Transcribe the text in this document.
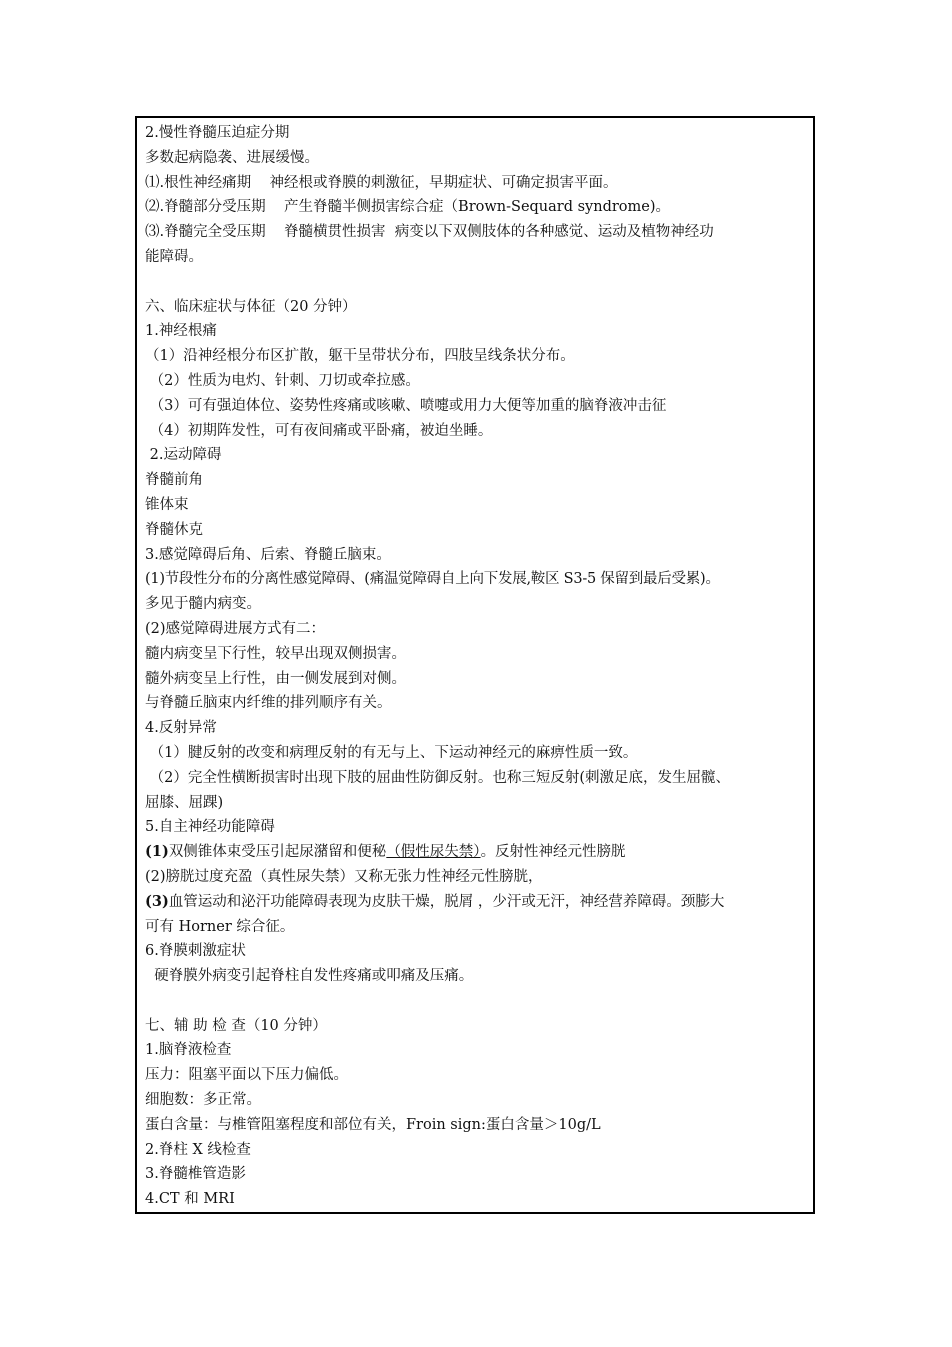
2.慢性脊髓压迫症分期
多数起病隐袭、进展缓慢。
⑴.根性神经痛期    神经根或脊膜的刺激征，早期症状、可确定损害平面。
⑵.脊髓部分受压期    产生脊髓半侧损害综合症（Brown-Sequard syndrome)。
⑶.脊髓完全受压期    脊髓横贯性损害  病变以下双侧肢体的各种感觉、运动及植物神经功
能障碍。
六、临床症状与体征（20 分钟）
1.神经根痛
（1）沿神经根分布区扩散，躯干呈带状分布，四肢呈线条状分布。
（2）性质为电灼、针刺、刀切或牵拉感。
（3）可有强迫体位、姿势性疼痛或咳嗽、喷嚏或用力大便等加重的脑脊液冲击征
（4）初期阵发性，可有夜间痛或平卧痛，被迫坐睡。
2.运动障碍
脊髓前角
锥体束
脊髓休克
3.感觉障碍后角、后索、脊髓丘脑束。
(1)节段性分布的分离性感觉障碍、(痛温觉障碍自上向下发展,鞍区 S3-5 保留到最后受累)。
多见于髓内病变。
(2)感觉障碍进展方式有二：
髓内病变呈下行性，较早出现双侧损害。
髓外病变呈上行性，由一侧发展到对侧。
与脊髓丘脑束内纤维的排列顺序有关。
4.反射异常
（1）腱反射的改变和病理反射的有无与上、下运动神经元的麻痹性质一致。
（2）完全性横断损害时出现下肢的屈曲性防御反射。也称三短反射(刺激足底，发生屈髋、
屈膝、屈踝)
5.自主神经功能障碍
(1)双侧锥体束受压引起尿潴留和便秘（假性尿失禁）。反射性神经元性膀胱
(2)膀胱过度充盈（真性尿失禁）又称无张力性神经元性膀胱，
(3)血管运动和泌汗功能障碍表现为皮肤干燥，脱屑 ，少汗或无汗，神经营养障碍。颈膨大
可有 Horner 综合征。
6.脊膜刺激症状
硬脊膜外病变引起脊柱自发性疼痛或叩痛及压痛。
七、辅 助 检 查（10 分钟）
1.脑脊液检查
压力：阻塞平面以下压力偏低。
细胞数：多正常。
蛋白含量：与椎管阻塞程度和部位有关，Froin sign:蛋白含量＞10g/L
2.脊柱 X 线检查
3.脊髓椎管造影
4.CT 和 MRI
